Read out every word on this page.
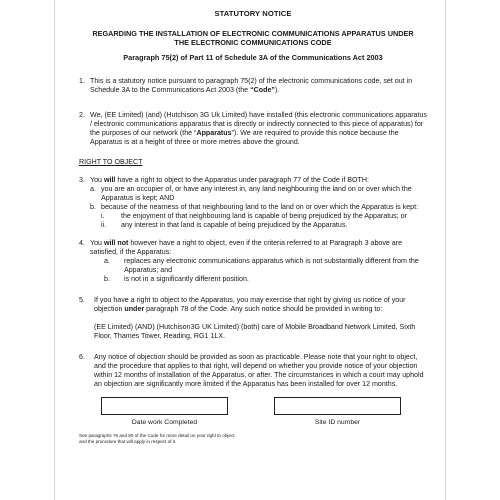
STATUTORY NOTICE
REGARDING THE INSTALLATION OF ELECTRONIC COMMUNICATIONS APPARATUS UNDER
THE ELECTRONIC COMMUNICATIONS CODE
Paragraph 75(2) of Part 11 of Schedule 3A of the Communications Act 2003
1. This is a statutory notice pursuant to paragraph 75(2) of the electronic communications code, set out in Schedule 3A to the Communications Act 2003 (the “Code”).

2. We, (EE Limited) (and) (Hutchison 3G Uk Limited) have installed (this electronic communications apparatus / electronic communications apparatus that is directly or indirectly connected to this piece of apparatus) for the purposes of our network (the “Apparatus”). We are required to provide this notice because the Apparatus is at a height of three or more metres above the ground.

RIGHT TO OBJECT

3. You will have a right to object to the Apparatus under paragraph 77 of the Code if BOTH:

a. you are an occupier of, or have any interest in, any land neighbouring the land on or over which the Apparatus is kept; AND
b. because of the nearness of that neighbouring land to the land on or over which the Apparatus is kept:
i.	the enjoyment of that neighbouring land is capable of being prejudiced by the Apparatus; or
ii.	any interest in that land is capable of being prejudiced by the Apparatus.
4. You will not however have a right to object, even if the criteria referred to at Paragraph 3 above are satisfied, if the Apparatus:

a.	replaces any electronic communications apparatus which is not substantially different from the Apparatus; and
b.	is not in a significantly different position.
5.	If you have a right to object to the Apparatus, you may exercise that right by giving us notice of your objection under paragraph 78 of the Code. Any such notice should be provided in writing to:

(EE Limited) (AND) (Hutchison3G UK Limited) (both) care of Mobile Broadband Network Limited, Sixth Floor, Thames Tower, Reading, RG1 1LX.

6.	Any notice of objection should be provided as soon as practicable. Please note that your right to object, and the procedure that applies to that right, will depend on whether you provide notice of your objection within 12 months of installation of the Apparatus, or after. The circumstances in which a court may uphold an objection are significantly more limited if the Apparatus has been installed for over 12 months.

Date work Completed	Site ID number
See paragraphs 75 and 80 of the Code for more detail on your right to object and the procedure that will apply in respect of it.
